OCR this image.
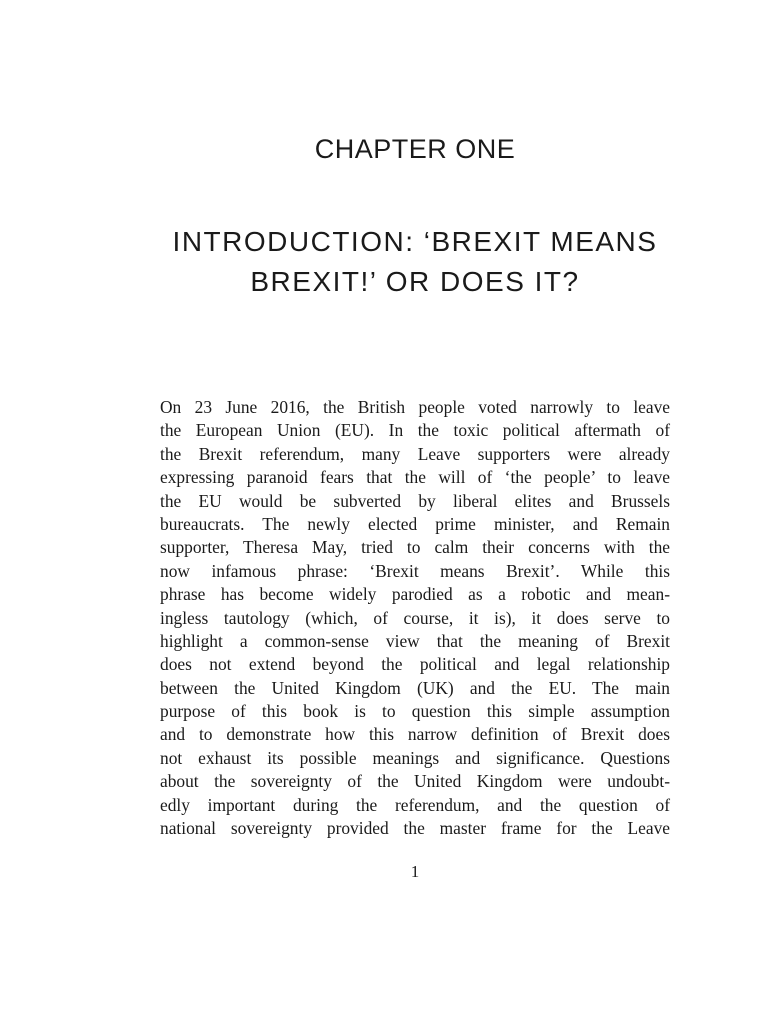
CHAPTER ONE
INTRODUCTION: ‘BREXIT MEANS
BREXIT!’ OR DOES IT?
On 23 June 2016, the British people voted narrowly to leave
the European Union (EU). In the toxic political aftermath of
the Brexit referendum, many Leave supporters were already
expressing paranoid fears that the will of ‘the people’ to leave
the EU would be subverted by liberal elites and Brussels
bureaucrats. The newly elected prime minister, and Remain
supporter, Theresa May, tried to calm their concerns with the
now infamous phrase: ‘Brexit means Brexit’. While this
phrase has become widely parodied as a robotic and mean-
ingless tautology (which, of course, it is), it does serve to
highlight a common-sense view that the meaning of Brexit
does not extend beyond the political and legal relationship
between the United Kingdom (UK) and the EU. The main
purpose of this book is to question this simple assumption
and to demonstrate how this narrow definition of Brexit does
not exhaust its possible meanings and significance. Questions
about the sovereignty of the United Kingdom were undoubt-
edly important during the referendum, and the question of
national sovereignty provided the master frame for the Leave
1
